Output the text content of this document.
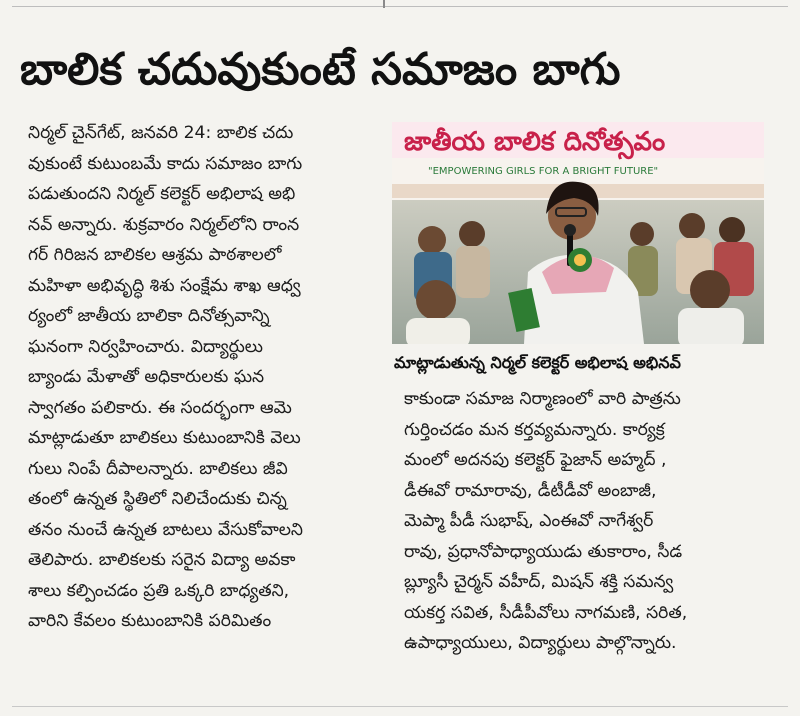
బాలిక చదువుకుంటే సమాజం బాగు
నిర్మల్ చైన్‌గేట్, జనవరి 24: బాలిక చదు
వుకుంటే కుటుంబమే కాదు సమాజం బాగు
పడుతుందని నిర్మల్ కలెక్టర్ అభిలాష అభి
నవ్ అన్నారు. శుక్రవారం నిర్మల్‌లోని రాంన
గర్ గిరిజన బాలికల ఆశ్రమ పాఠశాలలో
మహిళా అభివృద్ధి శిశు సంక్షేమ శాఖ ఆధ్వ
ర్యంలో జాతీయ బాలికా దినోత్సవాన్ని
ఘనంగా నిర్వహించారు. విద్యార్థులు
బ్యాండు మేళాతో అధికారులకు ఘన
స్వాగతం పలికారు. ఈ సందర్భంగా ఆమె
మాట్లాడుతూ బాలికలు కుటుంబానికి వెలు
గులు నింపే దీపాలన్నారు. బాలికలు జీవి
తంలో ఉన్నత స్థితిలో నిలిచేందుకు చిన్న
తనం నుంచే ఉన్నత బాటలు వేసుకోవాలని
తెలిపారు. బాలికలకు సరైన విద్యా అవకా
శాలు కల్పించడం ప్రతి ఒక్కరి బాధ్యతని,
వారిని కేవలం కుటుంబానికి పరిమితం
జాతీయ బాలిక దినోత్సవం
"EMPOWERING GIRLS FOR A BRIGHT FUTURE"
మాట్లాడుతున్న నిర్మల్ కలెక్టర్ అభిలాష అభినవ్
కాకుండా సమాజ నిర్మాణంలో వారి పాత్రను
గుర్తించడం మన కర్తవ్యమన్నారు. కార్యక్ర
మంలో అదనపు కలెక్టర్ ఫైజాన్ అహ్మద్ ,
డీఈవో రామారావు, డీటీడీవో అంబాజీ,
మెప్మా పీడీ సుభాష్, ఎంఈవో నాగేశ్వర్
రావు, ప్రధానోపాధ్యాయుడు తుకారాం, సీడ
బ్ల్యూసీ చైర్మన్ వహీద్, మిషన్ శక్తి సమన్వ
యకర్త సవిత, సీడీపీవోలు నాగమణి, సరిత,
ఉపాధ్యాయులు, విద్యార్థులు పాల్గొన్నారు.
